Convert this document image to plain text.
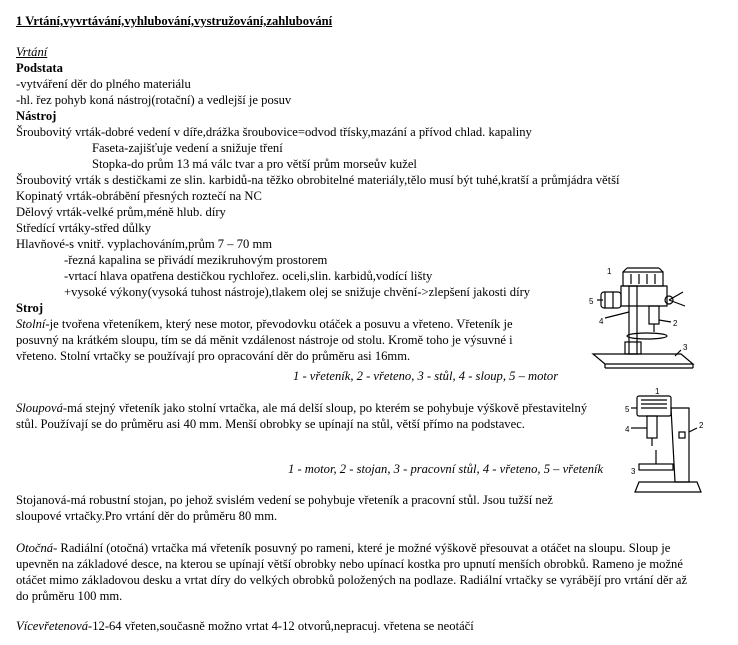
1 Vrtání,vyvrtávání,vyhlubování,vystružování,zahlubování
Vrtání
Podstata
-vytváření děr do plného materiálu
-hl. řez pohyb koná nástroj(rotační) a vedlejší je posuv
Nástroj
Šroubovitý vrták-dobré vedení v díře,drážka šroubovice=odvod třísky,mazání a přívod chlad. kapaliny
Faseta-zajišťuje vedení a snižuje tření
Stopka-do prům 13 má válc tvar a pro větší prům morseův kužel
Šroubovitý vrták s destičkami ze slin. karbidů-na těžko obrobitelné materiály,tělo musí být tuhé,kratší a průmjádra větší
Kopinatý vrták-obrábění přesných roztečí na NC
Dělový vrták-velké prům,méně hlub. díry
Středící vrtáky-střed důlky
Hlavňové-s vnitř. vyplachováním,prům 7 – 70 mm
-řezná kapalina se přivádí mezikruhovým prostorem
-vrtací hlava opatřena destičkou rychlořez. oceli,slin. karbidů,vodící lišty
+vysoké výkony(vysoká tuhost nástroje),tlakem olej se snižuje chvění->zlepšení jakosti díry
Stroj
Stolní-je tvořena vřeteníkem, který nese motor, převodovku otáček a posuvu a vřeteno. Vřeteník je
posuvný na krátkém sloupu, tím se dá měnit vzdálenost nástroje od stolu. Kromě toho je výsuvné i
vřeteno. Stolní vrtačky se používají pro opracování děr do průměru asi 16mm.
1 - vřeteník, 2 - vřeteno, 3 - stůl, 4 - sloup, 5 – motor
Sloupová-má stejný vřeteník jako stolní vrtačka, ale má delší sloup, po kterém se pohybuje výškově přestavitelný
stůl. Používají se do průměru asi 40 mm. Menší obrobky se upínají na stůl, větší přímo na podstavec.
1 - motor, 2 - stojan, 3 - pracovní stůl, 4 - vřeteno, 5 – vřeteník
Stojanová-má robustní stojan, po jehož svislém vedení se pohybuje vřeteník a pracovní stůl. Jsou tužší než
sloupové vrtačky.Pro vrtání děr do průměru 80 mm.
Otočná- Radiální (otočná) vrtačka má vřeteník posuvný po rameni, které je možné výškově přesouvat a otáčet na sloupu. Sloup je
upevněn na základové desce, na kterou se upínají větší obrobky nebo upínací kostka pro upnutí menších obrobků. Rameno je možné
otáčet mimo základovou desku a vrtat díry do velkých obrobků položených na podlaze. Radiální vrtačky se vyrábějí pro vrtání děr až
do průměru 100 mm.
Vícevřetenová-12-64 vřeten,současně možno vrtat 4-12 otvorů,nepracuj. vřetena se neotáčí
5
1
4	2
3
5
1
4
3
2
